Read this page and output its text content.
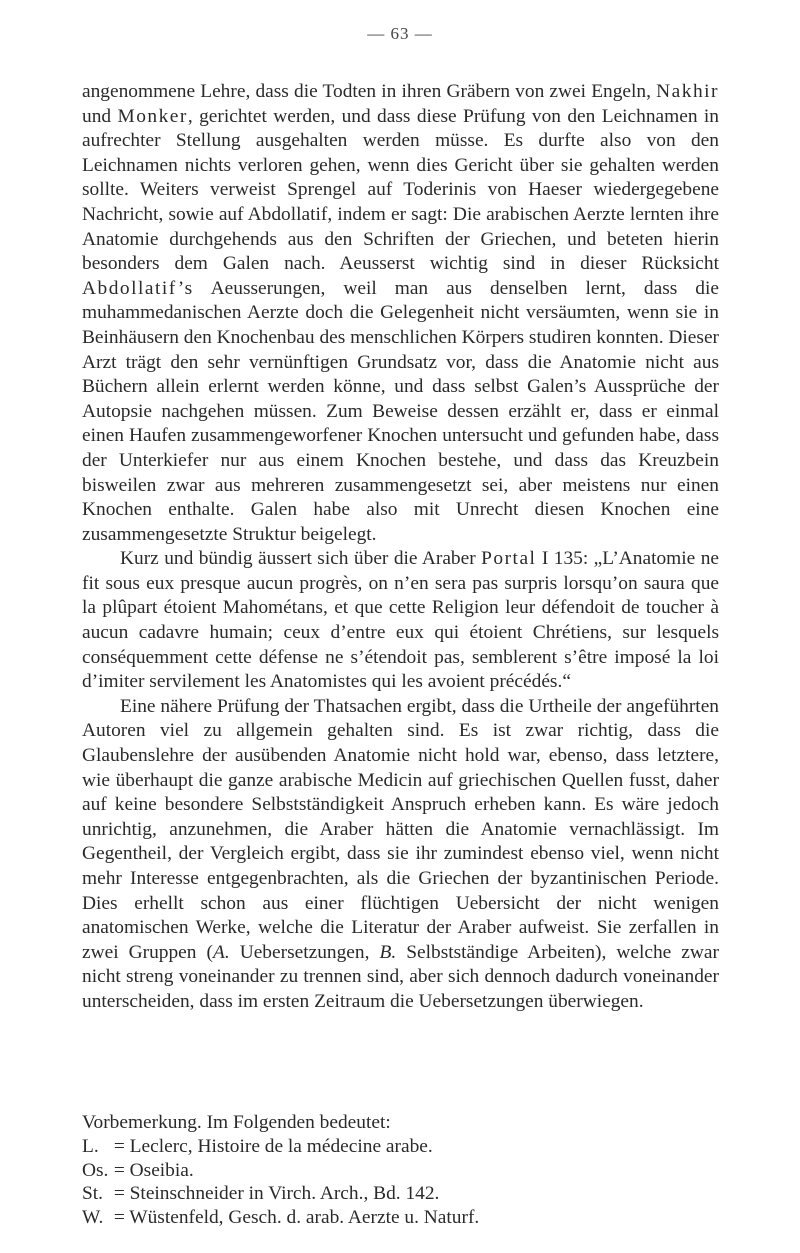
— 63 —

angenommene Lehre, dass die Todten in ihren Gräbern von zwei Engeln, Nakhir und Monker, gerichtet werden, und dass diese Prüfung von den Leichnamen in aufrechter Stellung ausgehalten werden müsse. Es durfte also von den Leichnamen nichts verloren gehen, wenn dies Gericht über sie gehalten werden sollte. Weiters verweist Sprengel auf Toderinis von Haeser wiedergegebene Nachricht, sowie auf Abdollatif, indem er sagt: Die arabischen Aerzte lernten ihre Anatomie durchgehends aus den Schriften der Griechen, und beteten hierin besonders dem Galen nach. Aeusserst wichtig sind in dieser Rücksicht Abdollatif’s Aeusserungen, weil man aus denselben lernt, dass die muhammedanischen Aerzte doch die Gelegenheit nicht versäumten, wenn sie in Beinhäusern den Knochenbau des menschlichen Körpers studiren konnten. Dieser Arzt trägt den sehr vernünftigen Grundsatz vor, dass die Anatomie nicht aus Büchern allein erlernt werden könne, und dass selbst Galen’s Aussprüche der Autopsie nachgehen müssen. Zum Beweise dessen erzählt er, dass er einmal einen Haufen zusammengeworfener Knochen untersucht und gefunden habe, dass der Unterkiefer nur aus einem Knochen bestehe, und dass das Kreuzbein bisweilen zwar aus mehreren zusammengesetzt sei, aber meistens nur einen Knochen enthalte. Galen habe also mit Unrecht diesen Knochen eine zusammengesetzte Struktur beigelegt.

Kurz und bündig äussert sich über die Araber Portal I 135: „L’Anatomie ne fit sous eux presque aucun progrès, on n’en sera pas surpris lorsqu’on saura que la plûpart étoient Mahométans, et que cette Religion leur défendoit de toucher à aucun cadavre humain; ceux d’entre eux qui étoient Chrétiens, sur lesquels conséquemment cette défense ne s’étendoit pas, semblerent s’être imposé la loi d’imiter servilement les Anatomistes qui les avoient précédés.“

Eine nähere Prüfung der Thatsachen ergibt, dass die Urtheile der angeführten Autoren viel zu allgemein gehalten sind. Es ist zwar richtig, dass die Glaubenslehre der ausübenden Anatomie nicht hold war, ebenso, dass letztere, wie überhaupt die ganze arabische Medicin auf griechischen Quellen fusst, daher auf keine besondere Selbstständigkeit Anspruch erheben kann. Es wäre jedoch unrichtig, anzunehmen, die Araber hätten die Anatomie vernachlässigt. Im Gegentheil, der Vergleich ergibt, dass sie ihr zumindest ebenso viel, wenn nicht mehr Interesse entgegenbrachten, als die Griechen der byzantinischen Periode. Dies erhellt schon aus einer flüchtigen Uebersicht der nicht wenigen anatomischen Werke, welche die Literatur der Araber aufweist. Sie zerfallen in zwei Gruppen (A. Uebersetzungen, B. Selbstständige Arbeiten), welche zwar nicht streng voneinander zu trennen sind, aber sich dennoch dadurch voneinander unterscheiden, dass im ersten Zeitraum die Uebersetzungen überwiegen.

Vorbemerkung. Im Folgenden bedeutet:

L. = Leclerc, Histoire de la médecine arabe.

Os. = Oseibia.

St. = Steinschneider in Virch. Arch., Bd. 142.

W. = Wüstenfeld, Gesch. d. arab. Aerzte u. Naturf.
